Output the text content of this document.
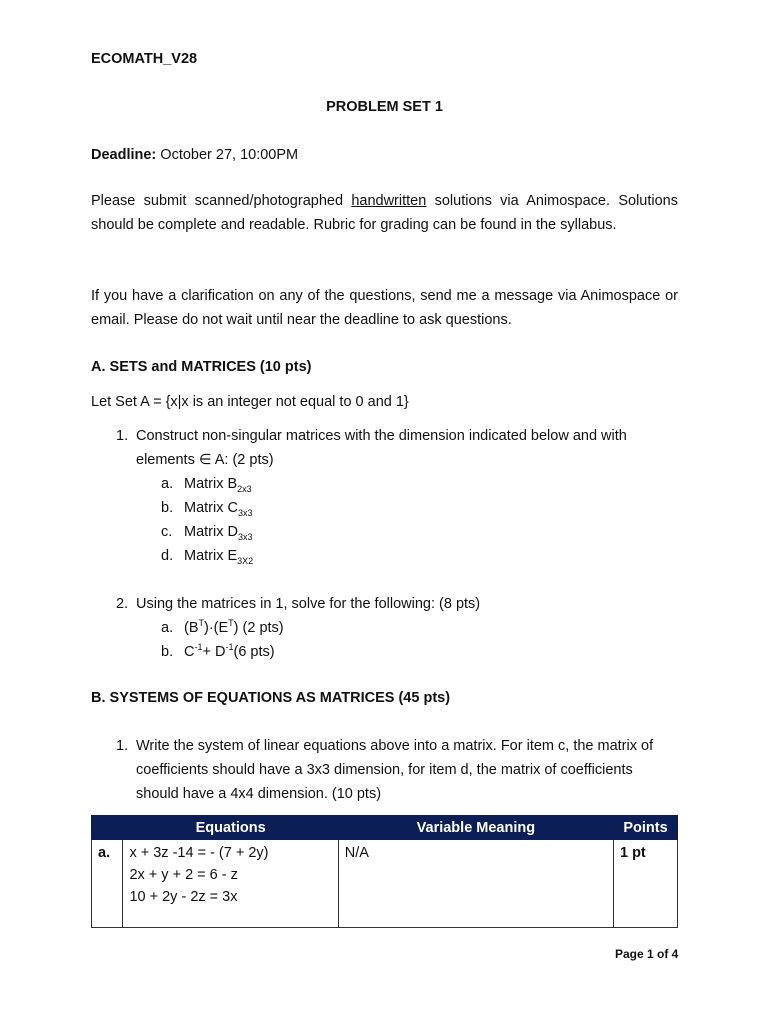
ECOMATH_V28
PROBLEM SET 1
Deadline: October 27, 10:00PM
Please submit scanned/photographed handwritten solutions via Animospace. Solutions should be complete and readable. Rubric for grading can be found in the syllabus.
If you have a clarification on any of the questions, send me a message via Animospace or email. Please do not wait until near the deadline to ask questions.
A. SETS and MATRICES (10 pts)
Let Set A = {x|x is an integer not equal to 0 and 1}
1. Construct non-singular matrices with the dimension indicated below and with elements ∈ A: (2 pts)
a. Matrix $B_{2x3}$
b. Matrix $C_{3x3}$
c. Matrix $D_{3x3}$
d. Matrix $E_{3X2}$
2. Using the matrices in 1, solve for the following: (8 pts)
a. $(B^T)\cdot(E^T)$ (2 pts)
b. $C^{-1}+ D^{-1}(6$ pts)
B. SYSTEMS OF EQUATIONS AS MATRICES (45 pts)
1. Write the system of linear equations above into a matrix. For item c, the matrix of coefficients should have a 3x3 dimension, for item d, the matrix of coefficients should have a 4x4 dimension. (10 pts)
	Equations	Variable Meaning	Points
a.	x + 3z -14 = - (7 + 2y)
2x + y + 2 = 6 - z
10 + 2y - 2z = 3x	N/A	1 pt
Page 1 of 4
